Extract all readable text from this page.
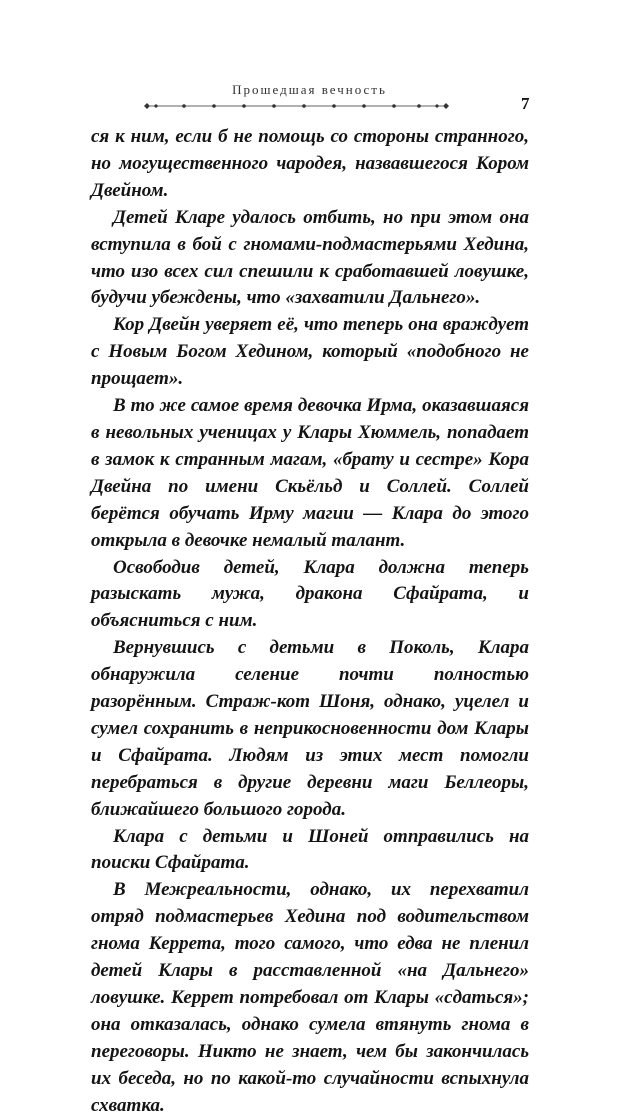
Прошедшая вечность
7

ся к ним, если б не помощь со стороны странного, но могущественного чародея, назвавшегося Кором Двейном.

Детей Кларе удалось отбить, но при этом она вступила в бой с гномами-подмастерьями Хедина, что изо всех сил спешили к сработавшей ловушке, будучи убеждены, что «захватили Дальнего».

Кор Двейн уверяет её, что теперь она враждует с Новым Богом Хедином, который «подобного не прощает».

В то же самое время девочка Ирма, оказавшаяся в невольных ученицах у Клары Хюммель, попадает в замок к странным магам, «брату и сестре» Кора Двейна по имени Скьёльд и Соллей. Соллей берётся обучать Ирму магии — Клара до этого открыла в девочке немалый талант.

Освободив детей, Клара должна теперь разыскать мужа, дракона Сфайрата, и объясниться с ним.

Вернувшись с детьми в Поколь, Клара обнаружила селение почти полностью разорённым. Страж-кот Шоня, однако, уцелел и сумел сохранить в неприкосновенности дом Клары и Сфайрата. Людям из этих мест помогли перебраться в другие деревни маги Беллеоры, ближайшего большого города.

Клара с детьми и Шоней отправились на поиски Сфайрата.

В Межреальности, однако, их перехватил отряд подмастерьев Хедина под водительством гнома Керрета, того самого, что едва не пленил детей Клары в расставленной «на Дальнего» ловушке. Керрет потребовал от Клары «сдаться»; она отказалась, однако сумела втянуть гнома в переговоры. Никто не знает, чем бы закончилась их беседа, но по какой-то случайности вспыхнула схватка.
